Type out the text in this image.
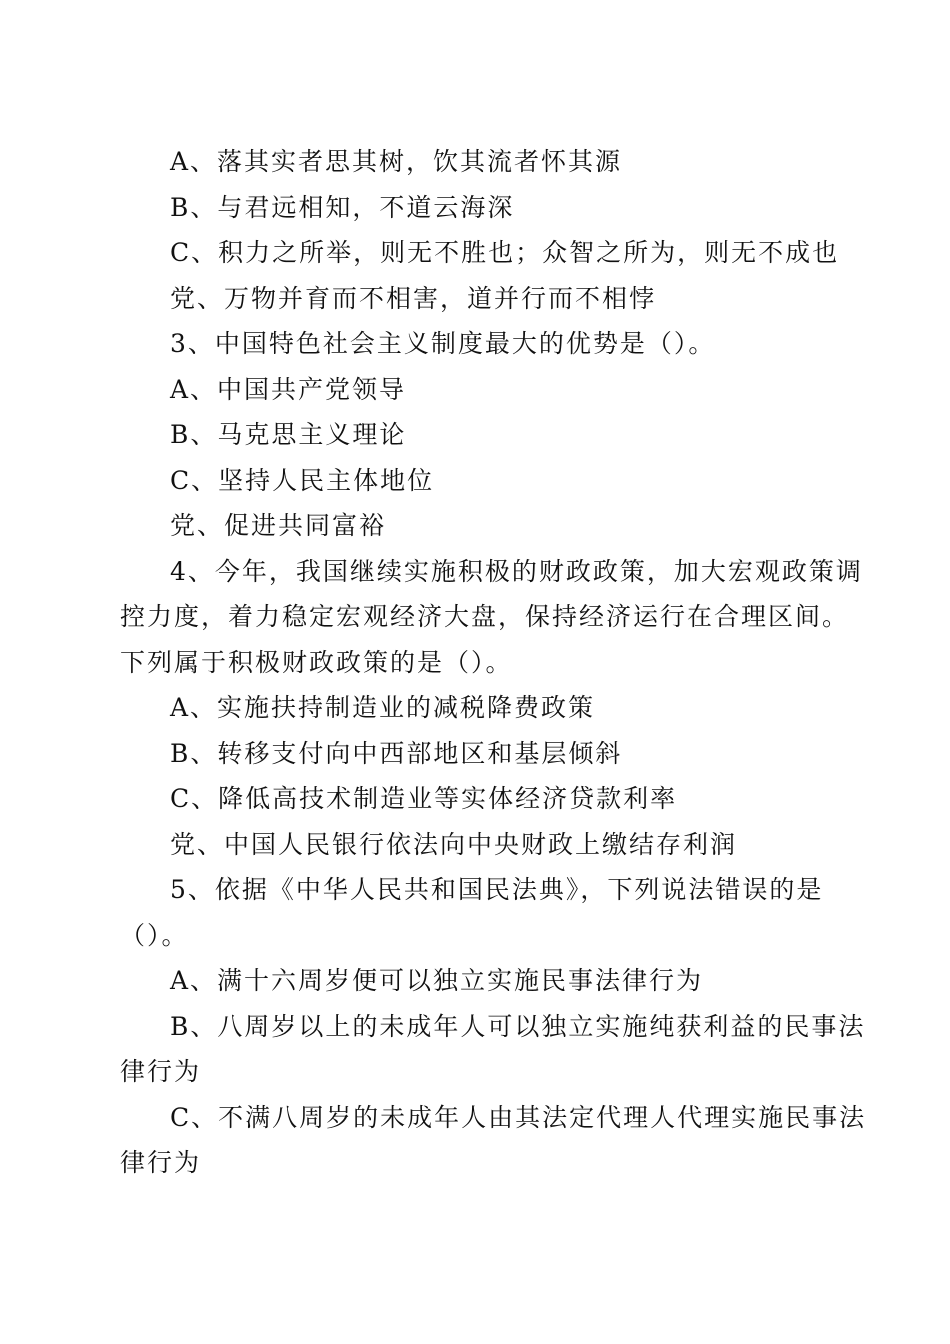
A、落其实者思其树，饮其流者怀其源
B、与君远相知，不道云海深
C、积力之所举，则无不胜也；众智之所为，则无不成也
党、万物并育而不相害，道并行而不相悖
3、中国特色社会主义制度最大的优势是（）。
A、中国共产党领导
B、马克思主义理论
C、坚持人民主体地位
党、促进共同富裕
4、今年，我国继续实施积极的财政政策，加大宏观政策调
控力度，着力稳定宏观经济大盘，保持经济运行在合理区间。
下列属于积极财政政策的是（）。
A、实施扶持制造业的减税降费政策
B、转移支付向中西部地区和基层倾斜
C、降低高技术制造业等实体经济贷款利率
党、中国人民银行依法向中央财政上缴结存利润
5、依据《中华人民共和国民法典》，下列说法错误的是
（）。
A、满十六周岁便可以独立实施民事法律行为
B、八周岁以上的未成年人可以独立实施纯获利益的民事法
律行为
C、不满八周岁的未成年人由其法定代理人代理实施民事法
律行为
